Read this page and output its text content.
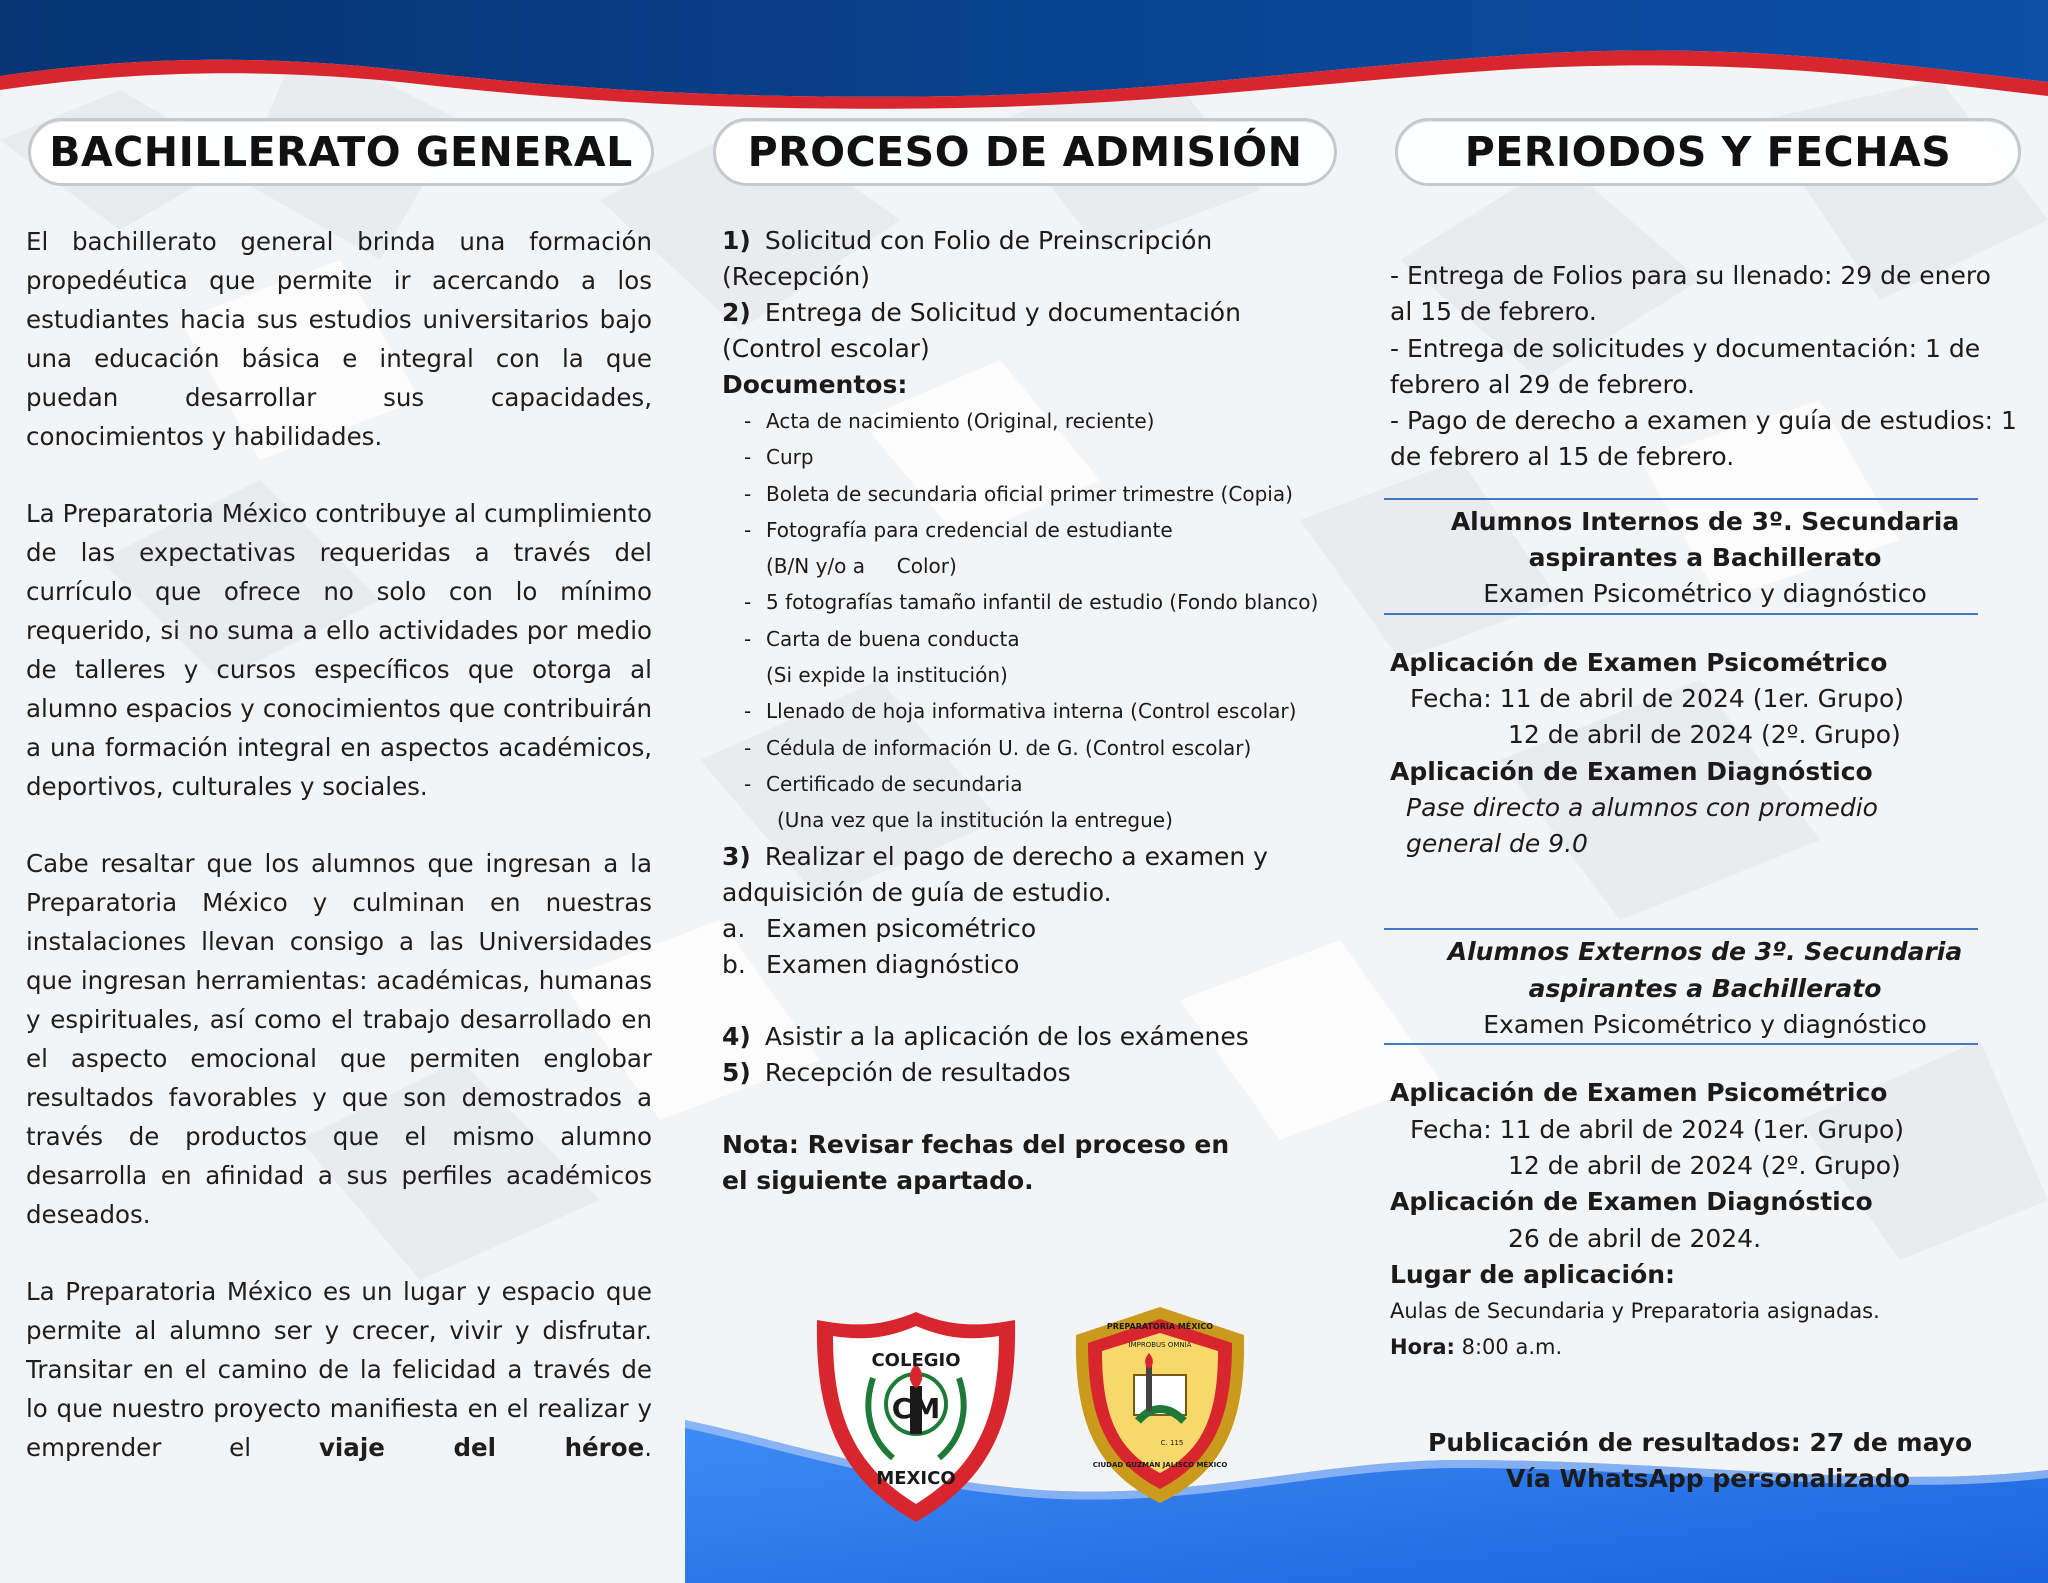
BACHILLERATO GENERAL	PROCESO DE ADMISIÓN	PERIODOS Y FECHAS

El bachillerato general brinda una formación propedéutica que permite ir acercando a los estudiantes hacia sus estudios universitarios bajo una educación básica e integral con la que puedan desarrollar sus capacidades, conocimientos y habilidades.

La Preparatoria México contribuye al cumplimiento de las expectativas requeridas a través del currículo que ofrece no solo con lo mínimo requerido, si no suma a ello actividades por medio de talleres y cursos específicos que otorga al alumno espacios y conocimientos que contribuirán a una formación integral en aspectos académicos, deportivos, culturales y sociales.

Cabe resaltar que los alumnos que ingresan a la Preparatoria México y culminan en nuestras instalaciones llevan consigo a las Universidades que ingresan herramientas: académicas, humanas y espirituales, así como el trabajo desarrollado en el aspecto emocional que permiten englobar resultados favorables y que son demostrados a través de productos que el mismo alumno desarrolla en afinidad a sus perfiles académicos deseados.

La Preparatoria México es un lugar y espacio que permite al alumno ser y crecer, vivir y disfrutar. Transitar en el camino de la felicidad a través de lo que nuestro proyecto manifiesta en el realizar y emprender el viaje del héroe.

1) Solicitud con Folio de Preinscripción (Recepción)

2) Entrega de Solicitud y documentación (Control escolar)

Documentos:

- Acta de nacimiento (Original, reciente)

- Curp

- Boleta de secundaria oficial primer trimestre (Copia)

- Fotografía para credencial de estudiante

(B/N y/o a     Color)

- 5 fotografías tamaño infantil de estudio (Fondo blanco)

- Carta de buena conducta

(Si expide la institución)

- Llenado de hoja informativa interna (Control escolar)

- Cédula de información U. de G. (Control escolar)

- Certificado de secundaria

(Una vez que la institución la entregue)

3) Realizar el pago de derecho a examen y adquisición de guía de estudio.

a. Examen psicométrico

b. Examen diagnóstico

4) Asistir a la aplicación de los exámenes

5) Recepción de resultados

Nota: Revisar fechas del proceso en el siguiente apartado.

COLEGIO
CM
MEXICO
PREPARATORIA MÉXICO
IMPROBUS OMNIA
C. 115
CIUDAD GUZMÁN JALISCO MÉXICO

- Entrega de Folios para su llenado: 29 de enero al 15 de febrero.

- Entrega de solicitudes y documentación: 1 de febrero al 29 de febrero.

- Pago de derecho a examen y guía de estudios: 1 de febrero al 15 de febrero.

Alumnos Internos de 3º. Secundaria

aspirantes a Bachillerato

Examen Psicométrico y diagnóstico

Aplicación de Examen Psicométrico

Fecha: 11 de abril de 2024 (1er. Grupo)

12 de abril de 2024 (2º. Grupo)

Aplicación de Examen Diagnóstico

Pase directo a alumnos con promedio

general de 9.0

Alumnos Externos de 3º. Secundaria

aspirantes a Bachillerato

Examen Psicométrico y diagnóstico

Aplicación de Examen Psicométrico

Fecha: 11 de abril de 2024 (1er. Grupo)

12 de abril de 2024 (2º. Grupo)

Aplicación de Examen Diagnóstico

26 de abril de 2024.

Lugar de aplicación:

Aulas de Secundaria y Preparatoria asignadas.

Hora: 8:00 a.m.

Publicación de resultados: 27 de mayo

Vía WhatsApp personalizado
